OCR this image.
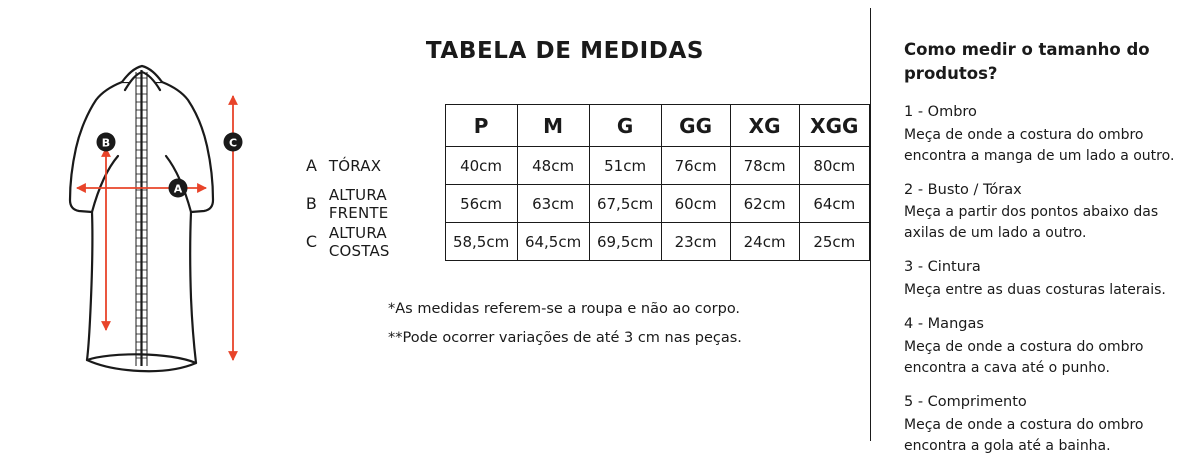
B	C
A
TABELA DE MEDIDAS
		P	M	G	GG	XG	XGG
A	TÓRAX	40cm	48cm	51cm	76cm	78cm	80cm
B	ALTURA FRENTE	56cm	63cm	67,5cm	60cm	62cm	64cm
C	ALTURA COSTAS	58,5cm	64,5cm	69,5cm	23cm	24cm	25cm
*As medidas referem-se a roupa e não ao corpo.
**Pode ocorrer variações de até 3 cm nas peças.
Como medir o tamanho do produtos?
1 - Ombro
Meça de onde a costura do ombro
encontra a manga de um lado a outro.
2 - Busto / Tórax
Meça a partir dos pontos abaixo das
axilas de um lado a outro.
3 - Cintura
Meça entre as duas costuras laterais.
4 - Mangas
Meça de onde a costura do ombro
encontra a cava até o punho.
5 - Comprimento
Meça de onde a costura do ombro
encontra a gola até a bainha.
